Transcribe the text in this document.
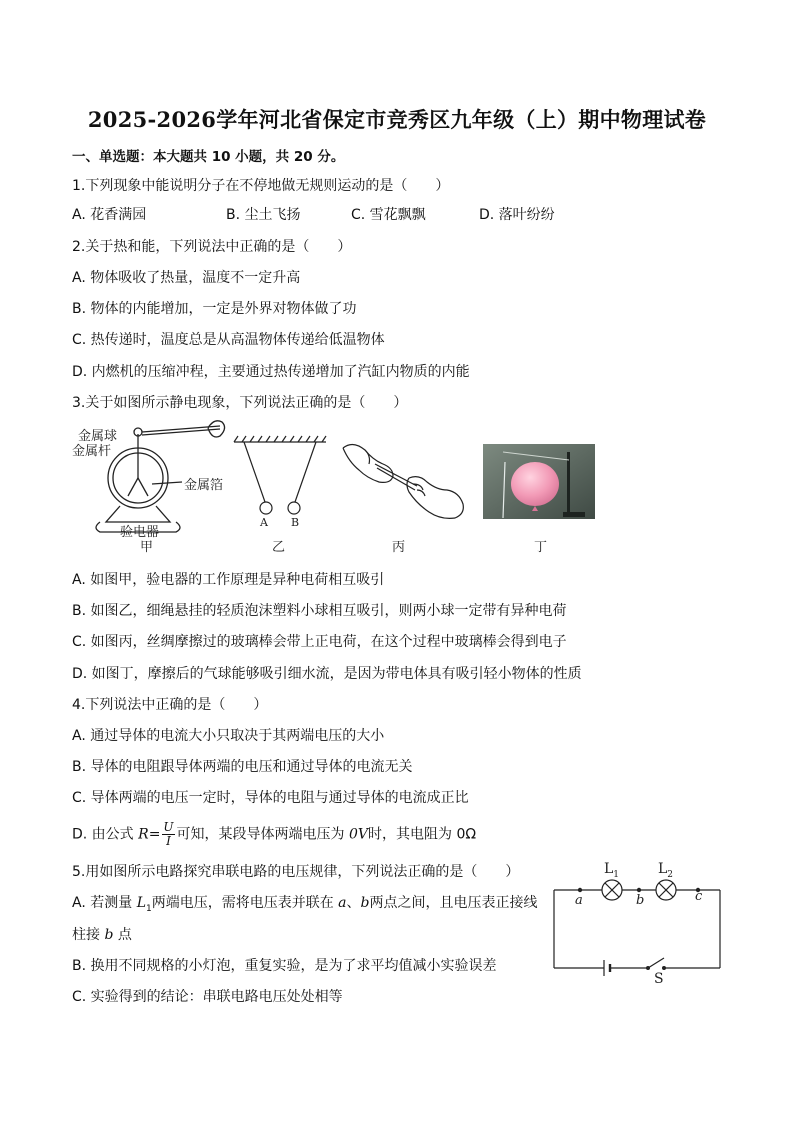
2025-2026学年河北省保定市竞秀区九年级（上）期中物理试卷
一、单选题：本大题共 10 小题，共 20 分。
1.下列现象中能说明分子在不停地做无规则运动的是（　　）
A. 花香满园	B. 尘土飞扬	C. 雪花飘飘	D. 落叶纷纷
2.关于热和能，下列说法中正确的是（　　）
A. 物体吸收了热量，温度不一定升高
B. 物体的内能增加，一定是外界对物体做了功
C. 热传递时，温度总是从高温物体传递给低温物体
D. 内燃机的压缩冲程，主要通过热传递增加了汽缸内物质的内能
3.关于如图所示静电现象，下列说法正确的是（　　）
金属球
金属杆
金属箔
验电器
甲
A B
乙	丙	丁
A. 如图甲，验电器的工作原理是异种电荷相互吸引
B. 如图乙，细绳悬挂的轻质泡沫塑料小球相互吸引，则两小球一定带有异种电荷
C. 如图丙，丝绸摩擦过的玻璃棒会带上正电荷，在这个过程中玻璃棒会得到电子
D. 如图丁，摩擦后的气球能够吸引细水流，是因为带电体具有吸引轻小物体的性质
4.下列说法中正确的是（　　）
A. 通过导体的电流大小只取决于其两端电压的大小
B. 导体的电阻跟导体两端的电压和通过导体的电流无关
C. 导体两端的电压一定时，导体的电阻与通过导体的电流成正比
D. 由公式 $R= \frac{U}{I}$ 可知，某段导体两端电压为 0V时，其电阻为 0Ω
5.用如图所示电路探究串联电路的电压规律，下列说法正确的是（　　）
A. 若测量 $L_1$两端电压，需将电压表并联在 a、b两点之间，且电压表正接线
柱接 b 点
B. 换用不同规格的小灯泡，重复实验，是为了求平均值减小实验误差
C. 实验得到的结论：串联电路电压处处相等
$L_1$	$L_2$
a	b	c
S
